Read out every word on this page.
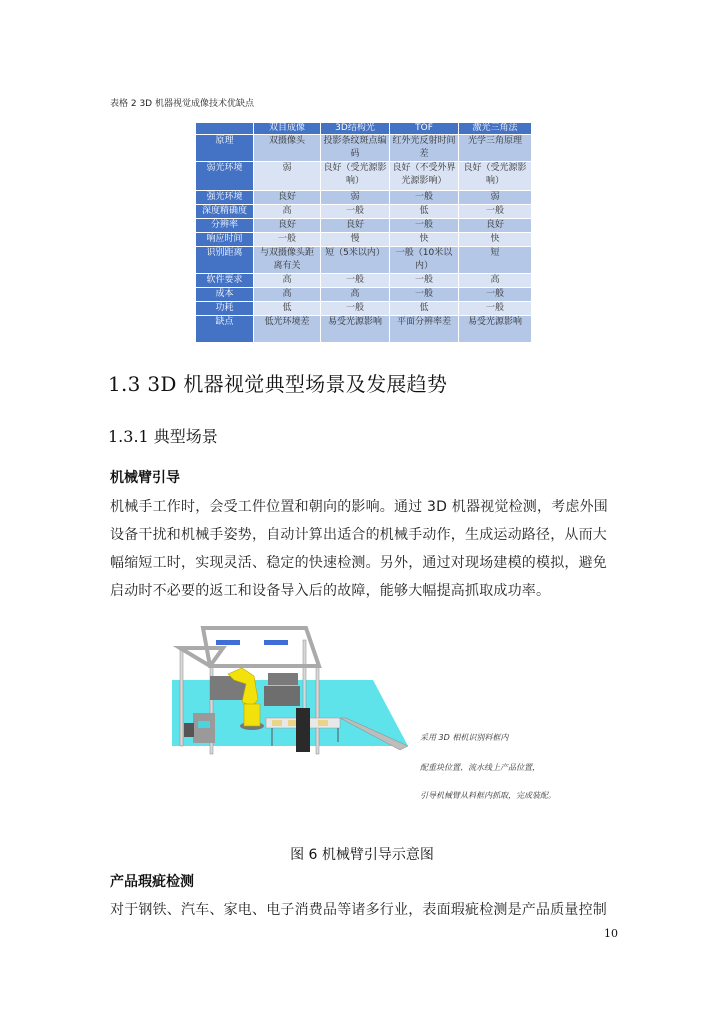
表格 2 3D 机器视觉成像技术优缺点
	双目成像	3D结构光	TOF	激光三角法
原理	双摄像头	投影条纹斑点编码	红外光反射时间差	光学三角原理
弱光环境	弱	良好（受光源影响）	良好（不受外界光源影响）	良好（受光源影响）
强光环境	良好	弱	一般	弱
深度精确度	高	一般	低	一般
分辨率	良好	良好	一般	良好
响应时间	一般	慢	快	快
识别距离	与双摄像头距离有关	短（5米以内）	一般（10米以内）	短
软件要求	高	一般	一般	高
成本	高	高	一般	一般
功耗	低	一般	低	一般
缺点	低光环境差	易受光源影响	平面分辨率差	易受光源影响
1.3 3D 机器视觉典型场景及发展趋势
1.3.1 典型场景
机械臂引导
机械手工作时，会受工件位置和朝向的影响。通过 3D 机器视觉检测，考虑外围设备干扰和机械手姿势，自动计算出适合的机械手动作，生成运动路径，从而大幅缩短工时，实现灵活、稳定的快速检测。另外，通过对现场建模的模拟，避免启动时不必要的返工和设备导入后的故障，能够大幅提高抓取成功率。
采用 3D 相机识别料框内
配重块位置、流水线上产品位置，
引导机械臂从料框内抓取，完成装配。
图 6 机械臂引导示意图
产品瑕疵检测
对于钢铁、汽车、家电、电子消费品等诸多行业，表面瑕疵检测是产品质量控制
10
